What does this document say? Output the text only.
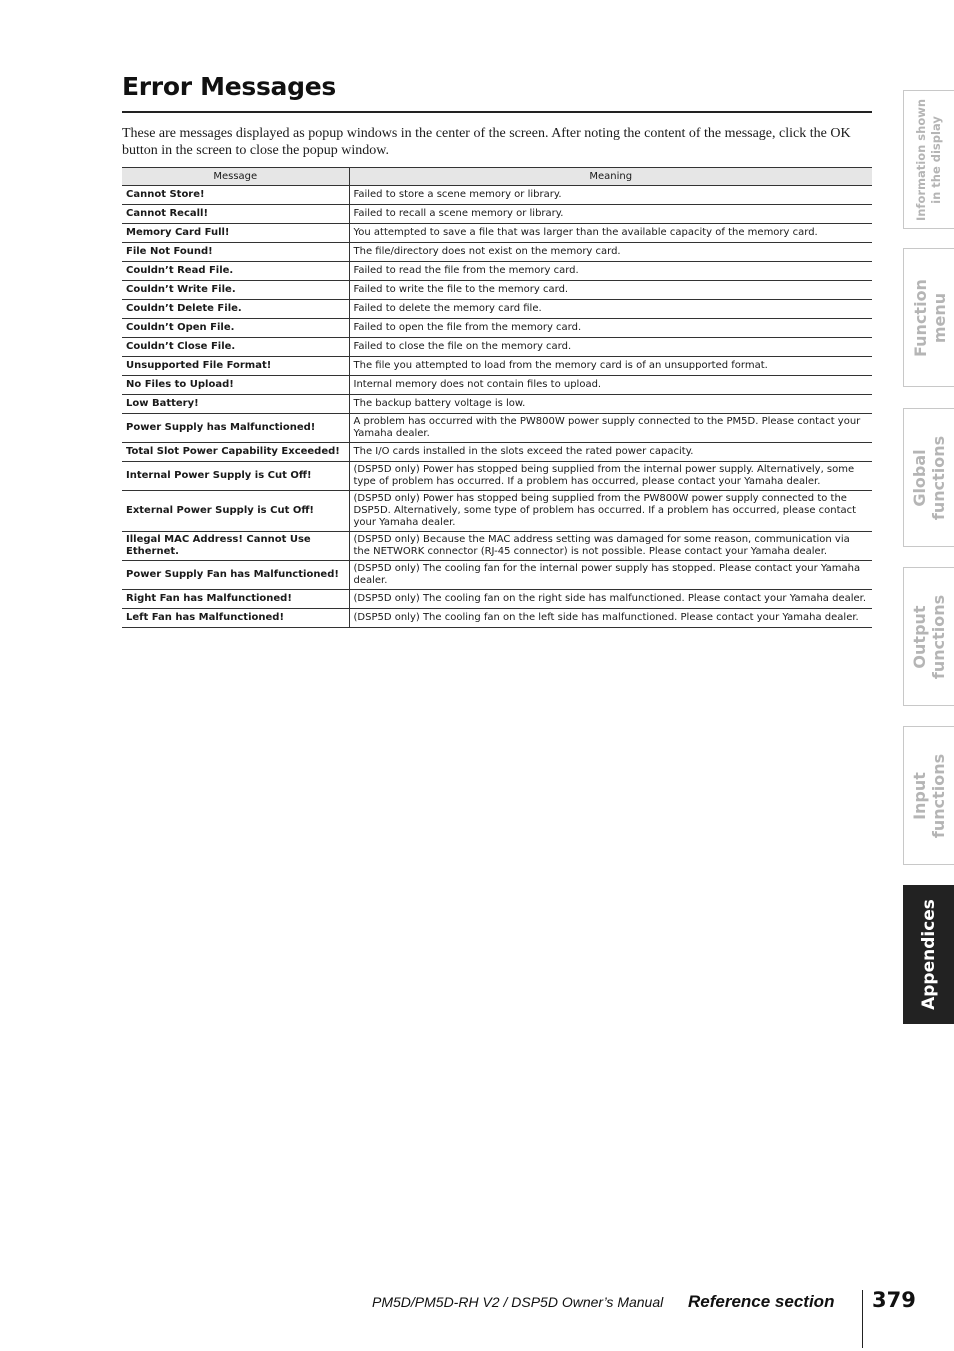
Error Messages
These are messages displayed as popup windows in the center of the screen. After noting the content of the message, click the OK button in the screen to close the popup window.
Message	Meaning
Cannot Store!	Failed to store a scene memory or library.
Cannot Recall!	Failed to recall a scene memory or library.
Memory Card Full!	You attempted to save a file that was larger than the available capacity of the memory card.
File Not Found!	The file/directory does not exist on the memory card.
Couldn’t Read File.	Failed to read the file from the memory card.
Couldn’t Write File.	Failed to write the file to the memory card.
Couldn’t Delete File.	Failed to delete the memory card file.
Couldn’t Open File.	Failed to open the file from the memory card.
Couldn’t Close File.	Failed to close the file on the memory card.
Unsupported File Format!	The file you attempted to load from the memory card is of an unsupported format.
No Files to Upload!	Internal memory does not contain files to upload.
Low Battery!	The backup battery voltage is low.
Power Supply has Malfunctioned!	A problem has occurred with the PW800W power supply connected to the PM5D. Please contact your Yamaha dealer.
Total Slot Power Capability Exceeded!	The I/O cards installed in the slots exceed the rated power capacity.
Internal Power Supply is Cut Off!	(DSP5D only) Power has stopped being supplied from the internal power supply. Alternatively, some type of problem has occurred. If a problem has occurred, please contact your Yamaha dealer.
External Power Supply is Cut Off!	(DSP5D only) Power has stopped being supplied from the PW800W power supply connected to the DSP5D. Alternatively, some type of problem has occurred. If a problem has occurred, please contact your Yamaha dealer.
Illegal MAC Address! Cannot Use Ethernet.	(DSP5D only) Because the MAC address setting was damaged for some reason, communication via the NETWORK connector (RJ-45 connector) is not possible. Please contact your Yamaha dealer.
Power Supply Fan has Malfunctioned!	(DSP5D only) The cooling fan for the internal power supply has stopped. Please contact your Yamaha dealer.
Right Fan has Malfunctioned!	(DSP5D only) The cooling fan on the right side has malfunctioned. Please contact your Yamaha dealer.
Left Fan has Malfunctioned!	(DSP5D only) The cooling fan on the left side has malfunctioned. Please contact your Yamaha dealer.
Information shown in the display
Function menu
Global functions
Output functions
Input functions
Appendices
PM5D/PM5D-RH V2 / DSP5D Owner’s Manual Reference section 379
